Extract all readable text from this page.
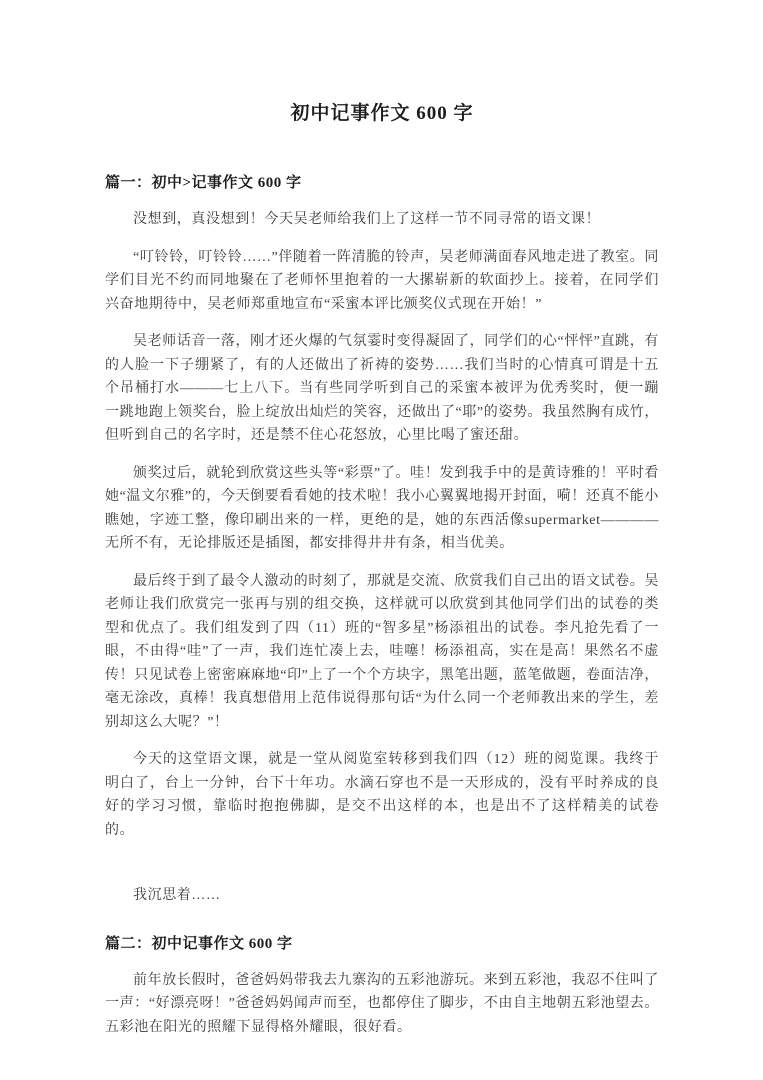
初中记事作文 600 字
篇一：初中>记事作文 600 字

没想到，真没想到！今天吴老师给我们上了这样一节不同寻常的语文课！

“叮铃铃，叮铃铃……”伴随着一阵清脆的铃声，吴老师满面春风地走进了教室。同学们目光不约而同地聚在了老师怀里抱着的一大摞崭新的软面抄上。接着，在同学们兴奋地期待中，吴老师郑重地宣布“采蜜本评比颁奖仪式现在开始！”

吴老师话音一落，刚才还火爆的气氛霎时变得凝固了，同学们的心“怦怦”直跳，有的人脸一下子绷紧了，有的人还做出了祈祷的姿势……我们当时的心情真可谓是十五个吊桶打水———七上八下。当有些同学听到自己的采蜜本被评为优秀奖时，便一蹦一跳地跑上领奖台，脸上绽放出灿烂的笑容，还做出了“耶”的姿势。我虽然胸有成竹，但听到自己的名字时，还是禁不住心花怒放，心里比喝了蜜还甜。

颁奖过后，就轮到欣赏这些头等“彩票”了。哇！发到我手中的是黄诗雅的！平时看她“温文尔雅”的，今天倒要看看她的技术啦！我小心翼翼地揭开封面，嗬！还真不能小瞧她，字迹工整，像印刷出来的一样，更绝的是，她的东西活像supermarket————无所不有，无论排版还是插图，都安排得井井有条，相当优美。

最后终于到了最令人激动的时刻了，那就是交流、欣赏我们自己出的语文试卷。吴老师让我们欣赏完一张再与别的组交换，这样就可以欣赏到其他同学们出的试卷的类型和优点了。我们组发到了四（11）班的“智多星”杨添祖出的试卷。李凡抢先看了一眼，不由得“哇”了一声，我们连忙凑上去，哇噻！杨添祖高，实在是高！果然名不虚传！只见试卷上密密麻麻地“印”上了一个个方块字，黑笔出题，蓝笔做题，卷面洁净，毫无涂改，真棒！我真想借用上范伟说得那句话“为什么同一个老师教出来的学生，差别却这么大呢？”！

今天的这堂语文课，就是一堂从阅览室转移到我们四（12）班的阅览课。我终于明白了，台上一分钟，台下十年功。水滴石穿也不是一天形成的，没有平时养成的良好的学习习惯，靠临时抱抱佛脚，是交不出这样的本，也是出不了这样精美的试卷的。

我沉思着……

篇二：初中记事作文 600 字

前年放长假时，爸爸妈妈带我去九寨沟的五彩池游玩。来到五彩池，我忍不住叫了一声：“好漂亮呀！”爸爸妈妈闻声而至，也都停住了脚步，不由自主地朝五彩池望去。五彩池在阳光的照耀下显得格外耀眼，很好看。
